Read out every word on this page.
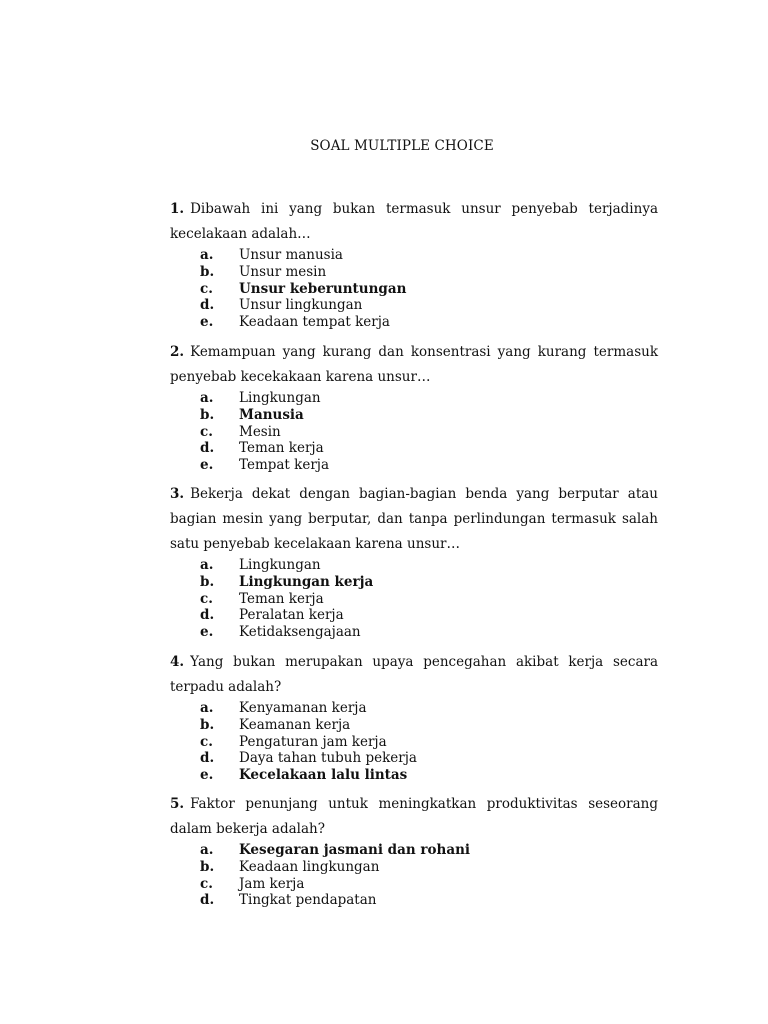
SOAL MULTIPLE CHOICE

1. Dibawah ini yang bukan termasuk unsur penyebab terjadinya kecelakaan adalah…

a. Unsur manusia
b. Unsur mesin
c. Unsur keberuntungan
d. Unsur lingkungan
e. Keadaan tempat kerja

2. Kemampuan yang kurang dan konsentrasi yang kurang termasuk penyebab kecekakaan karena unsur…

a. Lingkungan
b. Manusia
c. Mesin
d. Teman kerja
e. Tempat kerja

3. Bekerja dekat dengan bagian-bagian benda yang berputar atau bagian mesin yang berputar, dan tanpa perlindungan termasuk salah satu penyebab kecelakaan karena unsur…

a. Lingkungan
b. Lingkungan kerja
c. Teman kerja
d. Peralatan kerja
e. Ketidaksengajaan

4. Yang bukan merupakan upaya pencegahan akibat kerja secara terpadu adalah?

a. Kenyamanan kerja
b. Keamanan kerja
c. Pengaturan jam kerja
d. Daya tahan tubuh pekerja
e. Kecelakaan lalu lintas

5. Faktor penunjang untuk meningkatkan produktivitas seseorang dalam bekerja adalah?

a. Kesegaran jasmani dan rohani
b. Keadaan lingkungan
c. Jam kerja
d. Tingkat pendapatan
